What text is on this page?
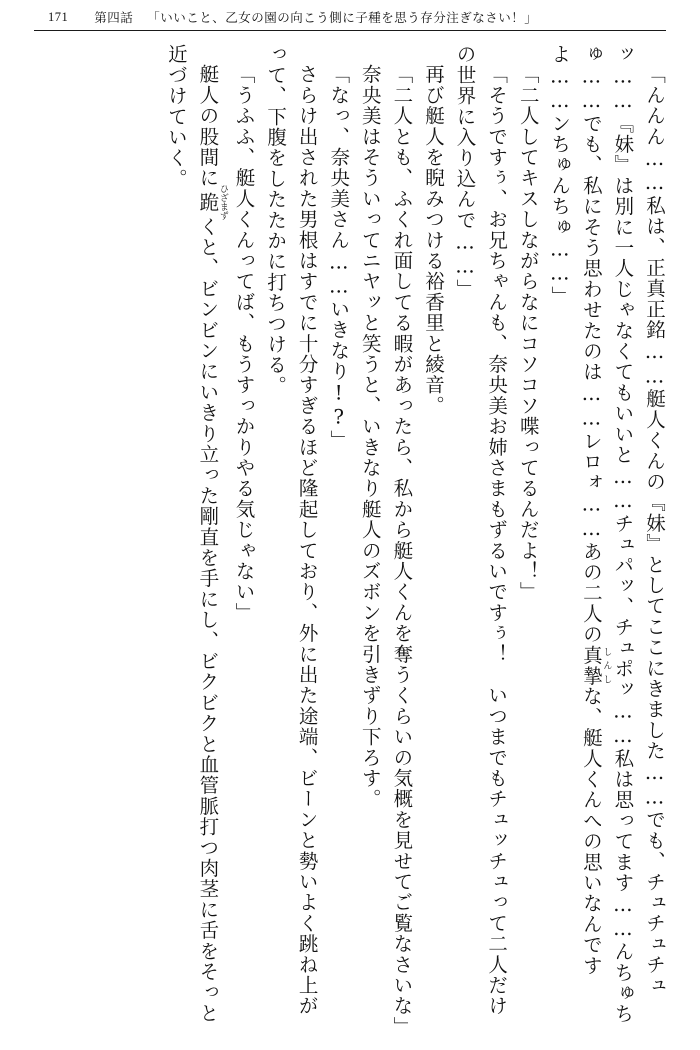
171 第四話 「いいこと、乙女の園の向こう側に子種を思う存分注ぎなさい！」

「んんん……私は、正真正銘……艇人くんの『妹』としてここにきました……でも、チュチュチュッ……『妹』は別に一人じゃなくてもいいと……チュパッ、チュポッ……私は思ってます……んちゅちゅ……でも、私にそう思わせたのは……レロォ……あの二人の真摯しんしな、艇人くんへの思いなんですよ……ンちゅんちゅ……」

「二人してキスしながらなにコソコソ喋ってるんだよ！」

「そうですぅ、お兄ちゃんも、奈央美お姉さまもずるいですぅ！　いつまでもチュッチュって二人だけの世界に入り込んで……」

再び艇人を睨みつける裕香里と綾音。

「二人とも、ふくれ面してる暇があったら、私から艇人くんを奪うくらいの気概を見せてご覧なさいな」

奈央美はそういってニヤッと笑うと、いきなり艇人のズボンを引きずり下ろす。

「なっ、奈央美さん……いきなり!?」

さらけ出された男根はすでに十分すぎるほど隆起しており、外に出た途端、ビーンと勢いよく跳ね上がって、下腹をしたたかに打ちつける。

「うふふ、艇人くんってば、もうすっかりやる気じゃない」

艇人の股間に跪ひざまずくと、ビンビンにいきり立った剛直を手にし、ビクビクと血管脈打つ肉茎に舌をそっと近づけていく。
